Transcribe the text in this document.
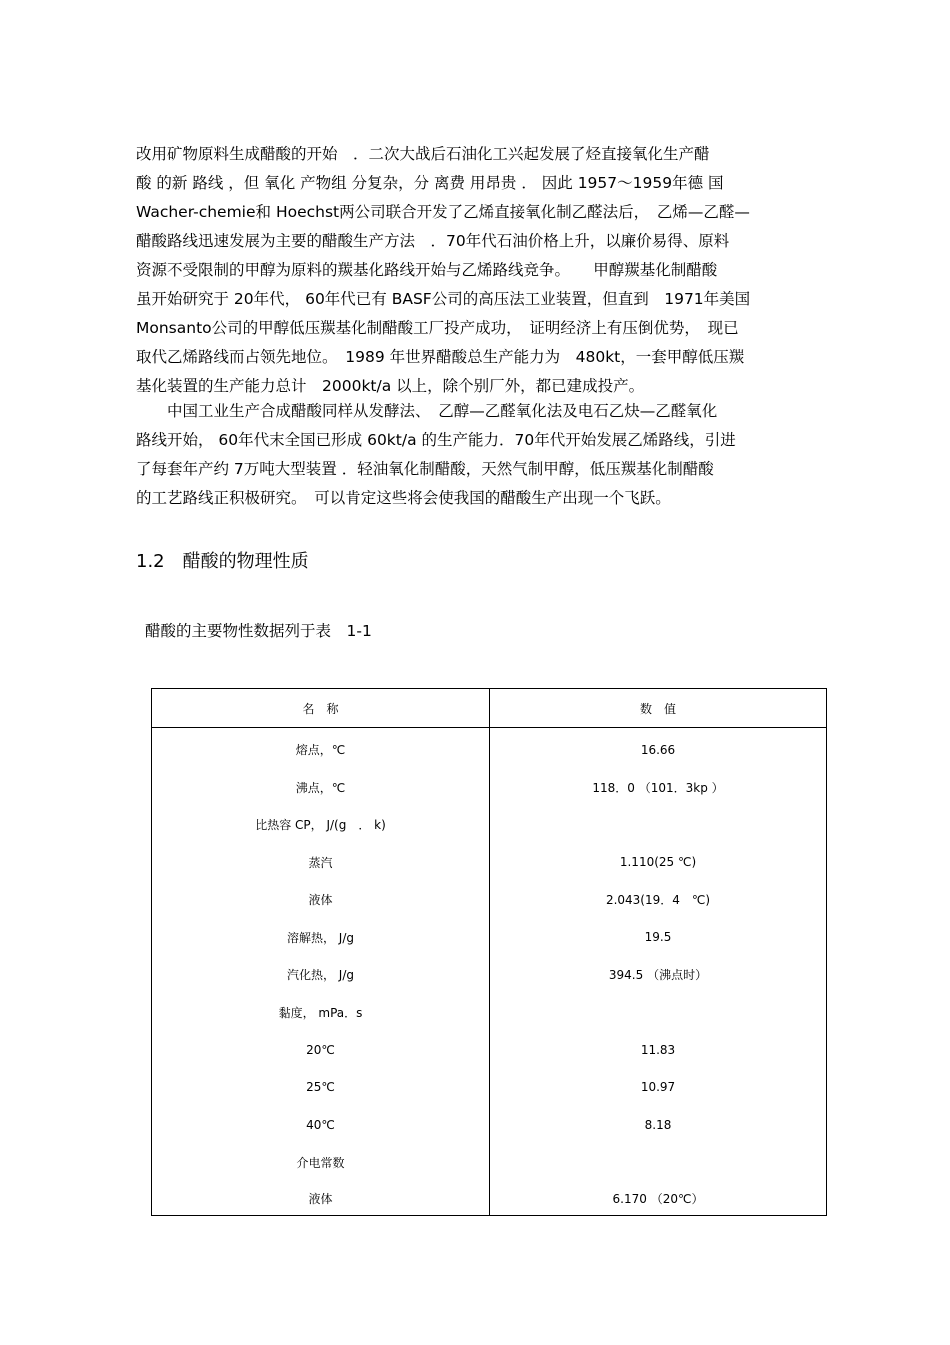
改用矿物原料生成醋酸的开始　．二次大战后石油化工兴起发展了烃直接氧化生产醋
酸 的新 路线 ，但 氧化 产物组 分复杂，分 离费 用昂贵 ． 因此 1957～1959年德 国
Wacher-chemie和 Hoechst两公司联合开发了乙烯直接氧化制乙醛法后，　乙烯—乙醛—
醋酸路线迅速发展为主要的醋酸生产方法　．70年代石油价格上升，以廉价易得、原料
资源不受限制的甲醇为原料的羰基化路线开始与乙烯路线竞争。　　甲醇羰基化制醋酸
虽开始研究于 20年代， 60年代已有 BASF公司的高压法工业装置，但直到　1971年美国
Monsanto公司的甲醇低压羰基化制醋酸工厂投产成功，　证明经济上有压倒优势，　现已
取代乙烯路线而占领先地位。　1989 年世界醋酸总生产能力为　480kt，一套甲醇低压羰
基化装置的生产能力总计　2000kt/a 以上，除个别厂外，都已建成投产。
　　中国工业生产合成醋酸同样从发酵法、　乙醇—乙醛氧化法及电石乙炔—乙醛氧化
路线开始， 60年代末全国已形成 60kt/a 的生产能力．70年代开始发展乙烯路线，引进
了每套年产约 7万吨大型装置 ．轻油氧化制醋酸，天然气制甲醇，低压羰基化制醋酸
的工艺路线正积极研究。　可以肯定这些将会使我国的醋酸生产出现一个飞跃。
1.2　醋酸的物理性质
醋酸的主要物性数据列于表　1-1
名　称	数　值
熔点，℃	16.66
沸点，℃	118．0 （101．3kp ）
比热容 CP， J/(g　． k)	
蒸汽	1.110(25 ℃)
液体	2.043(19．4　℃)
溶解热， J/g	19.5
汽化热， J/g	394.5 （沸点时）
黏度， mPa．s	
20℃	11.83
25℃	10.97
40℃	8.18
介电常数	
液体	6.170 （20℃）
